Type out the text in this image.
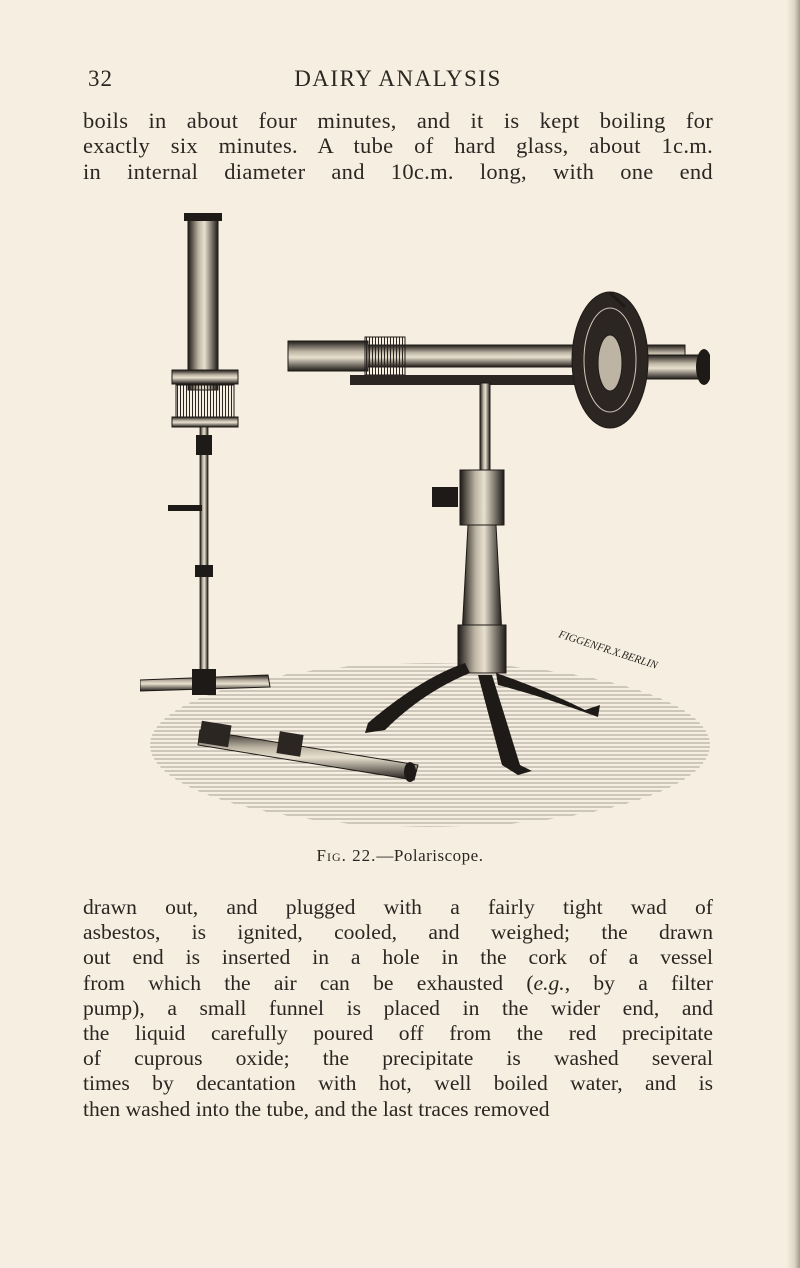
32	DAIRY ANALYSIS

boils in about four minutes, and it is kept boiling for
exactly six minutes. A tube of hard glass, about 1c.m.
in internal diameter and 10c.m. long, with one end

FIGGENFR.X.BERLIN
Fig. 22.—Polariscope.

drawn out, and plugged with a fairly tight wad of
asbestos, is ignited, cooled, and weighed; the drawn
out end is inserted in a hole in the cork of a vessel
from which the air can be exhausted (e.g., by a filter
pump), a small funnel is placed in the wider end, and
the liquid carefully poured off from the red precipitate
of cuprous oxide; the precipitate is washed several
times by decantation with hot, well boiled water, and is
then washed into the tube, and the last traces removed
